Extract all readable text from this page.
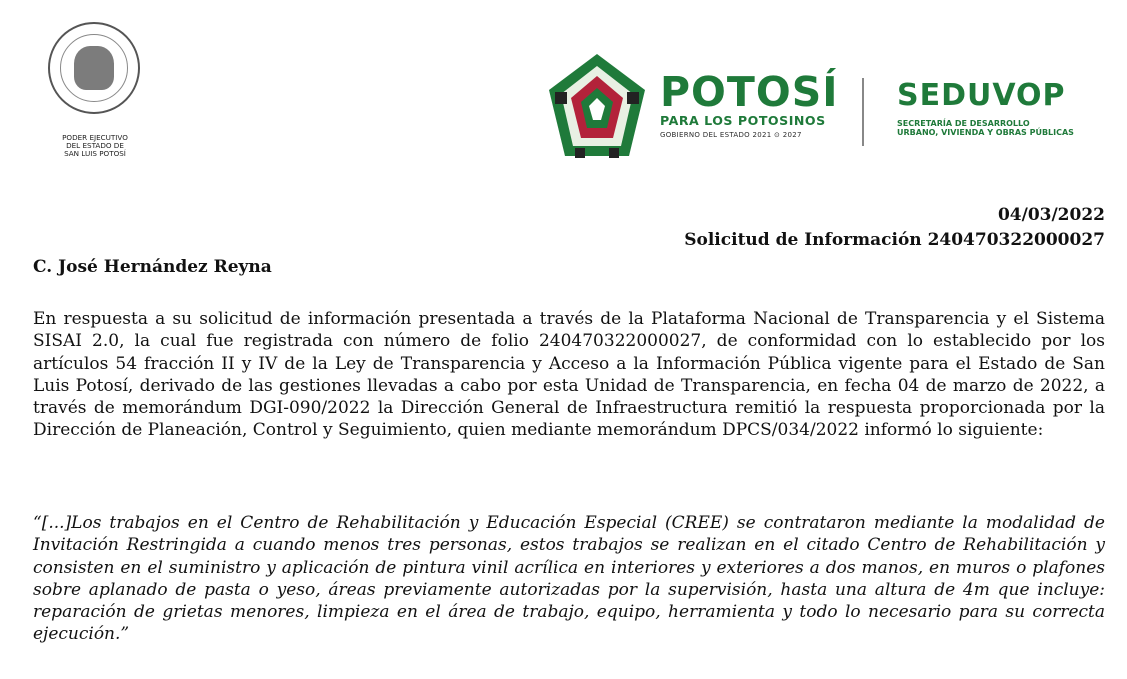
PODER EJECUTIVO
DEL ESTADO DE
SAN LUIS POTOSÍ
POTOSÍ
PARA LOS POTOSINOS
GOBIERNO DEL ESTADO 2021 ⊙ 2027
SEDUVOP
SECRETARÍA DE DESARROLLO
URBANO, VIVIENDA Y OBRAS PÚBLICAS
04/03/2022
Solicitud de Información 240470322000027
C. José Hernández Reyna
En respuesta a su solicitud de información presentada a través de la Plataforma Nacional de Transparencia y el Sistema SISAI 2.0, la cual fue registrada con número de folio 240470322000027, de conformidad con lo establecido por los artículos 54 fracción II y IV de la Ley de Transparencia y Acceso a la Información Pública vigente para el Estado de San Luis Potosí, derivado de las gestiones llevadas a cabo por esta Unidad de Transparencia, en fecha 04 de marzo de 2022, a través de memorándum DGI-090/2022 la Dirección General de Infraestructura remitió la respuesta proporcionada por la Dirección de Planeación, Control y Seguimiento, quien mediante memorándum DPCS/034/2022 informó lo siguiente:
“[...]Los trabajos en el Centro de Rehabilitación y Educación Especial (CREE) se contrataron mediante la modalidad de Invitación Restringida a cuando menos tres personas, estos trabajos se realizan en el citado Centro de Rehabilitación y consisten en el suministro y aplicación de pintura vinil acrílica en interiores y exteriores a dos manos, en muros o plafones sobre aplanado de pasta o yeso, áreas previamente autorizadas por la supervisión, hasta una altura de 4m que incluye: reparación de grietas menores, limpieza en el área de trabajo, equipo, herramienta y todo lo necesario para su correcta ejecución.”
